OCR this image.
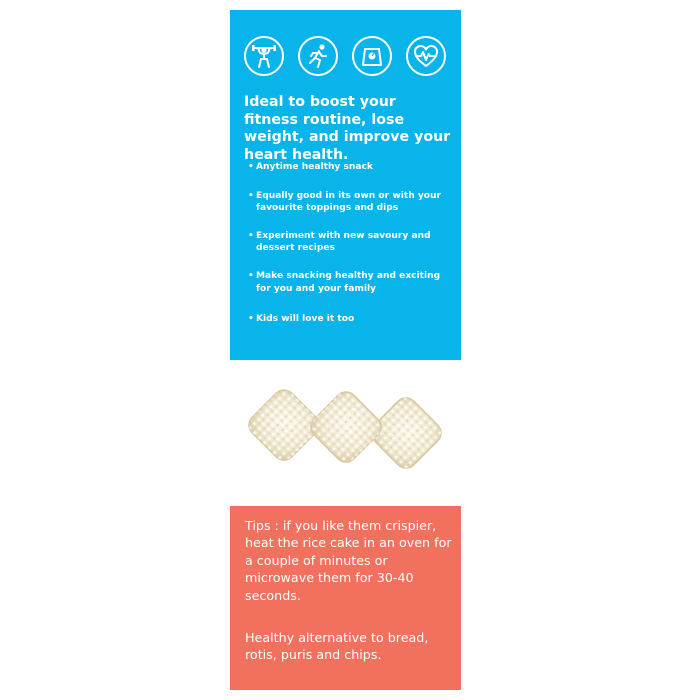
Ideal to boost your fitness routine, lose weight, and improve your heart health.

• Anytime healthy snack
• Equally good in its own or with your favourite toppings and dips
• Experiment with new savoury and dessert recipes
• Make snacking healthy and exciting for you and your family
• Kids will love it too

Tips : if you like them crispier, heat the rice cake in an oven for a couple of minutes or microwave them for 30-40 seconds.

Healthy alternative to bread, rotis, puris and chips.
